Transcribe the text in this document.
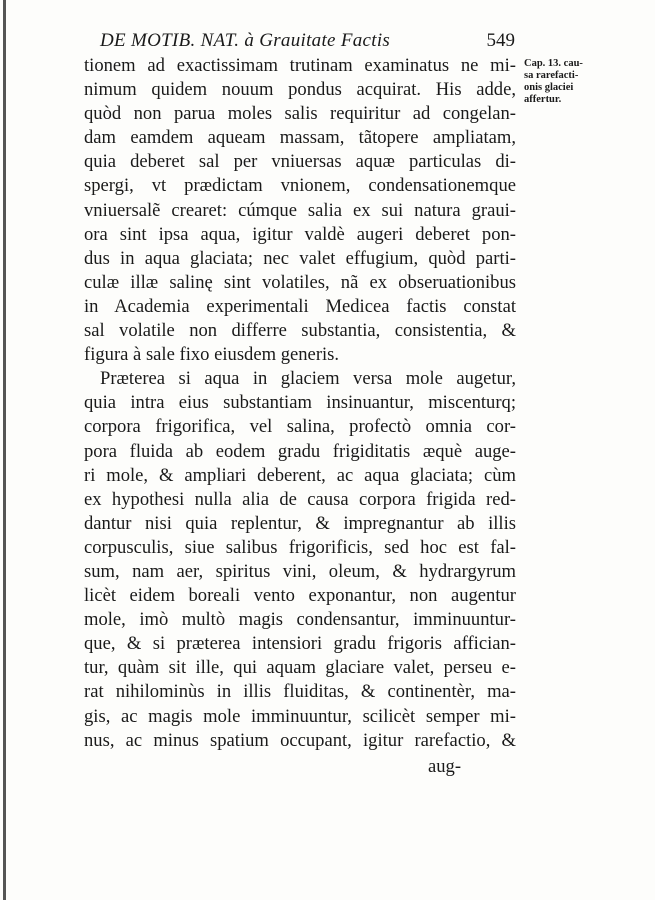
DE MOTIB. NAT. à Grauitate Factis	549
tionem ad exactissimam trutinam examinatus ne mi-
nimum quidem nouum pondus acquirat. His adde,
quòd non parua moles salis requiritur ad congelan-
dam eamdem aqueam massam, tãtopere ampliatam,
quia deberet sal per vniuersas aquæ particulas di-
spergi, vt prædictam vnionem, condensationemque
vniuersalẽ crearet: cúmque salia ex sui natura graui-
ora sint ipsa aqua, igitur valdè augeri deberet pon-
dus in aqua glaciata; nec valet effugium, quòd parti-
culæ illæ salinę sint volatiles, nã ex obseruationibus
in Academia experimentali Medicea factis constat
sal volatile non differre substantia, consistentia, &
figura à sale fixo eiusdem generis.
Præterea si aqua in glaciem versa mole augetur,
quia intra eius substantiam insinuantur, miscenturq;
corpora frigorifica, vel salina, profectò omnia cor-
pora fluida ab eodem gradu frigiditatis æquè auge-
ri mole, & ampliari deberent, ac aqua glaciata; cùm
ex hypothesi nulla alia de causa corpora frigida red-
dantur nisi quia replentur, & impregnantur ab illis
corpusculis, siue salibus frigorificis, sed hoc est fal-
sum, nam aer, spiritus vini, oleum, & hydrargyrum
licèt eidem boreali vento exponantur, non augentur
mole, imò multò magis condensantur, imminuuntur-
que, & si præterea intensiori gradu frigoris affician-
tur, quàm sit ille, qui aquam glaciare valet, perseu e-
rat nihilominùs in illis fluiditas, & continentèr, ma-
gis, ac magis mole imminuuntur, scilicèt semper mi-
nus, ac minus spatium occupant, igitur rarefactio, &
Cap. 13. cau-
sa rarefacti-
onis glaciei
affertur.
aug-
